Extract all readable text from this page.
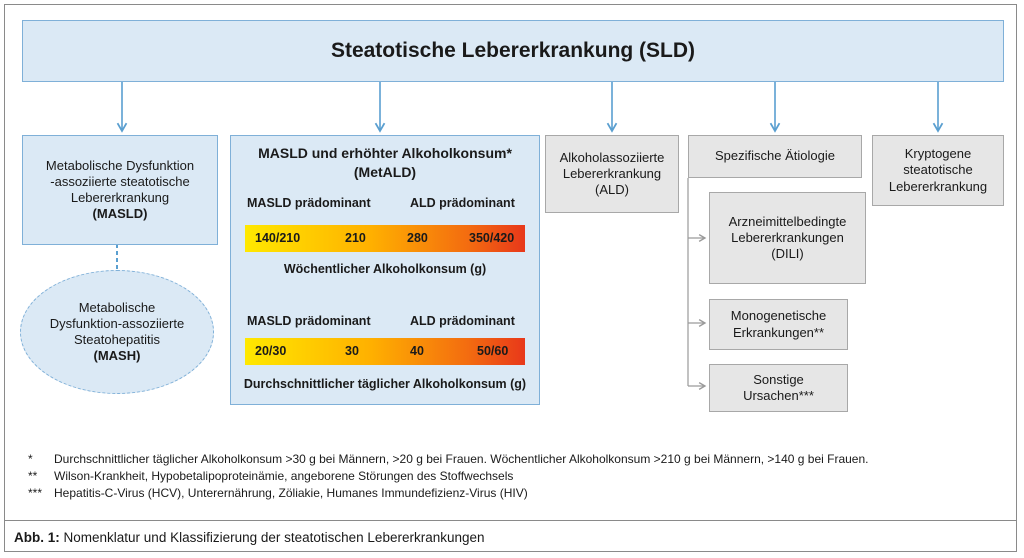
Steatotische Lebererkrankung (SLD)
Metabolische Dysfunktion
-assoziierte steatotische
Lebererkrankung
(MASLD)
Metabolische
Dysfunktion-assoziierte
Steatohepatitis
(MASH)
MASLD und erhöhter Alkoholkonsum*
(MetALD)
MASLD prädominant	ALD prädominant
140/210	210	280	350/420
Wöchentlicher Alkoholkonsum (g)
MASLD prädominant	ALD prädominant
20/30	30	40	50/60
Durchschnittlicher täglicher Alkoholkonsum (g)
Alkoholassoziierte
Lebererkrankung
(ALD)
Spezifische Ätiologie
Arzneimittelbedingte
Lebererkrankungen
(DILI)
Monogenetische
Erkrankungen**
Sonstige
Ursachen***
Kryptogene
steatotische
Lebererkrankung
* Durchschnittlicher täglicher Alkoholkonsum >30 g bei Männern, >20 g bei Frauen. Wöchentlicher Alkoholkonsum >210 g bei Männern, >140 g bei Frauen.
** Wilson-Krankheit, Hypobetalipoproteinämie, angeborene Störungen des Stoffwechsels
*** Hepatitis-C-Virus (HCV), Unterernährung, Zöliakie, Humanes Immundefizienz-Virus (HIV)
Abb. 1: Nomenklatur und Klassifizierung der steatotischen Lebererkrankungen
